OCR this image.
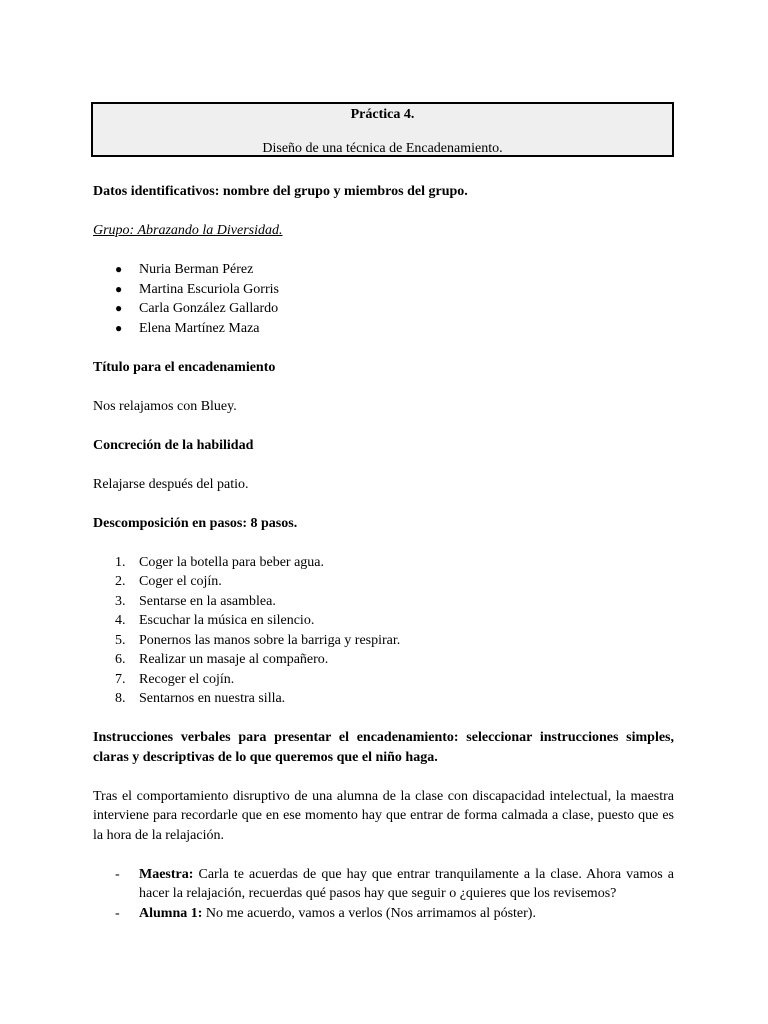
Práctica 4.
Diseño de una técnica de Encadenamiento.

Datos identificativos: nombre del grupo y miembros del grupo.

Grupo: Abrazando la Diversidad.

● Nuria Berman Pérez
● Martina Escuriola Gorris
● Carla González Gallardo
● Elena Martínez Maza

Título para el encadenamiento

Nos relajamos con Bluey.

Concreción de la habilidad

Relajarse después del patio.

Descomposición en pasos: 8 pasos.

1. Coger la botella para beber agua.
2. Coger el cojín.
3. Sentarse en la asamblea.
4. Escuchar la música en silencio.
5. Ponernos las manos sobre la barriga y respirar.
6. Realizar un masaje al compañero.
7. Recoger el cojín.
8. Sentarnos en nuestra silla.

Instrucciones verbales para presentar el encadenamiento: seleccionar instrucciones simples, claras y descriptivas de lo que queremos que el niño haga.

Tras el comportamiento disruptivo de una alumna de la clase con discapacidad intelectual, la maestra interviene para recordarle que en ese momento hay que entrar de forma calmada a clase, puesto que es la hora de la relajación.

- Maestra: Carla te acuerdas de que hay que entrar tranquilamente a la clase. Ahora vamos a hacer la relajación, recuerdas qué pasos hay que seguir o ¿quieres que los revisemos?
- Alumna 1: No me acuerdo, vamos a verlos (Nos arrimamos al póster).
